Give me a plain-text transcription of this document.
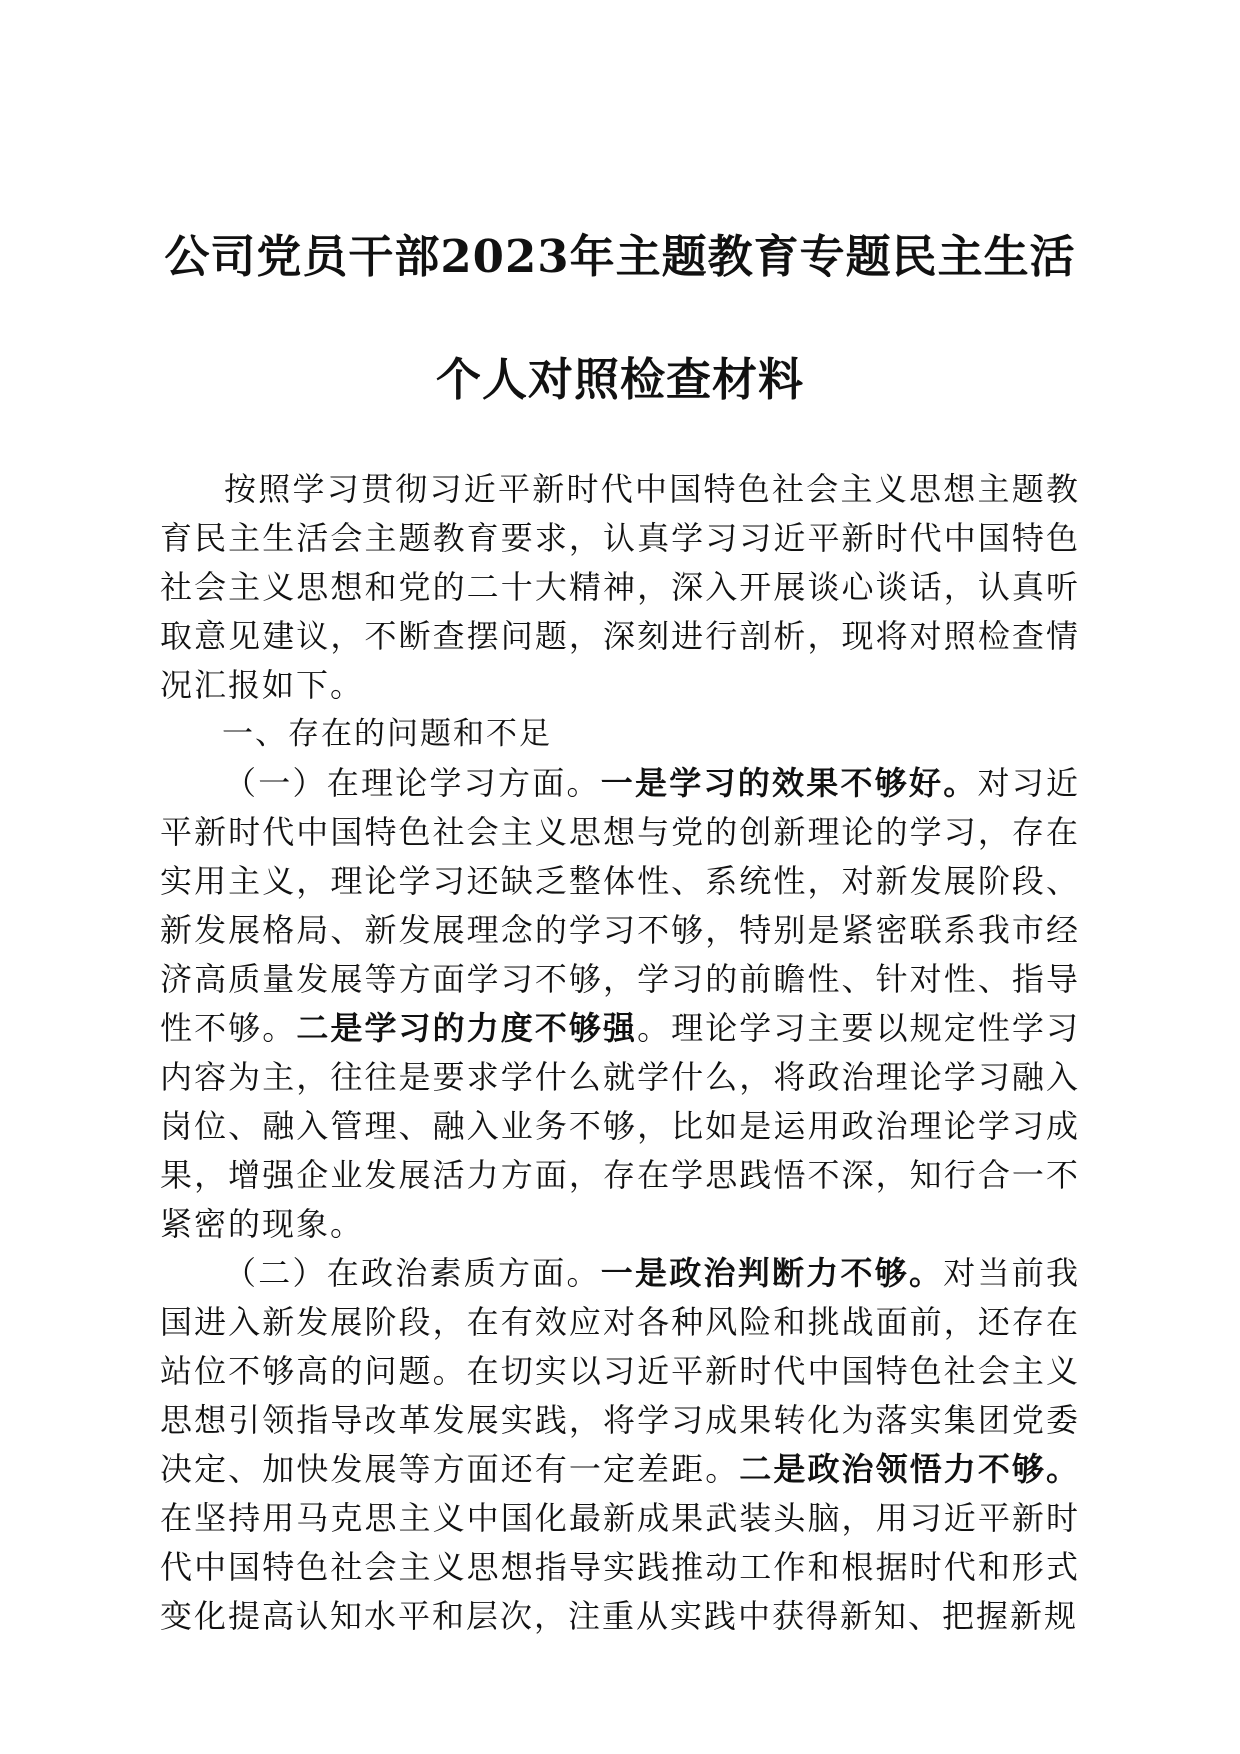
公司党员干部2023年主题教育专题民主生活
个人对照检查材料

按照学习贯彻习近平新时代中国特色社会主义思想主题教育民主生活会主题教育要求，认真学习习近平新时代中国特色社会主义思想和党的二十大精神，深入开展谈心谈话，认真听取意见建议，不断查摆问题，深刻进行剖析，现将对照检查情况汇报如下。

一、存在的问题和不足

（一）在理论学习方面。一是学习的效果不够好。对习近平新时代中国特色社会主义思想与党的创新理论的学习，存在实用主义，理论学习还缺乏整体性、系统性，对新发展阶段、新发展格局、新发展理念的学习不够，特别是紧密联系我市经济高质量发展等方面学习不够，学习的前瞻性、针对性、指导性不够。二是学习的力度不够强。理论学习主要以规定性学习内容为主，往往是要求学什么就学什么，将政治理论学习融入岗位、融入管理、融入业务不够，比如是运用政治理论学习成果，增强企业发展活力方面，存在学思践悟不深，知行合一不紧密的现象。

（二）在政治素质方面。一是政治判断力不够。对当前我国进入新发展阶段，在有效应对各种风险和挑战面前，还存在站位不够高的问题。在切实以习近平新时代中国特色社会主义思想引领指导改革发展实践，将学习成果转化为落实集团党委决定、加快发展等方面还有一定差距。二是政治领悟力不够。在坚持用马克思主义中国化最新成果武装头脑，用习近平新时代中国特色社会主义思想指导实践推动工作和根据时代和形式变化提高认知水平和层次，注重从实践中获得新知、把握新规
